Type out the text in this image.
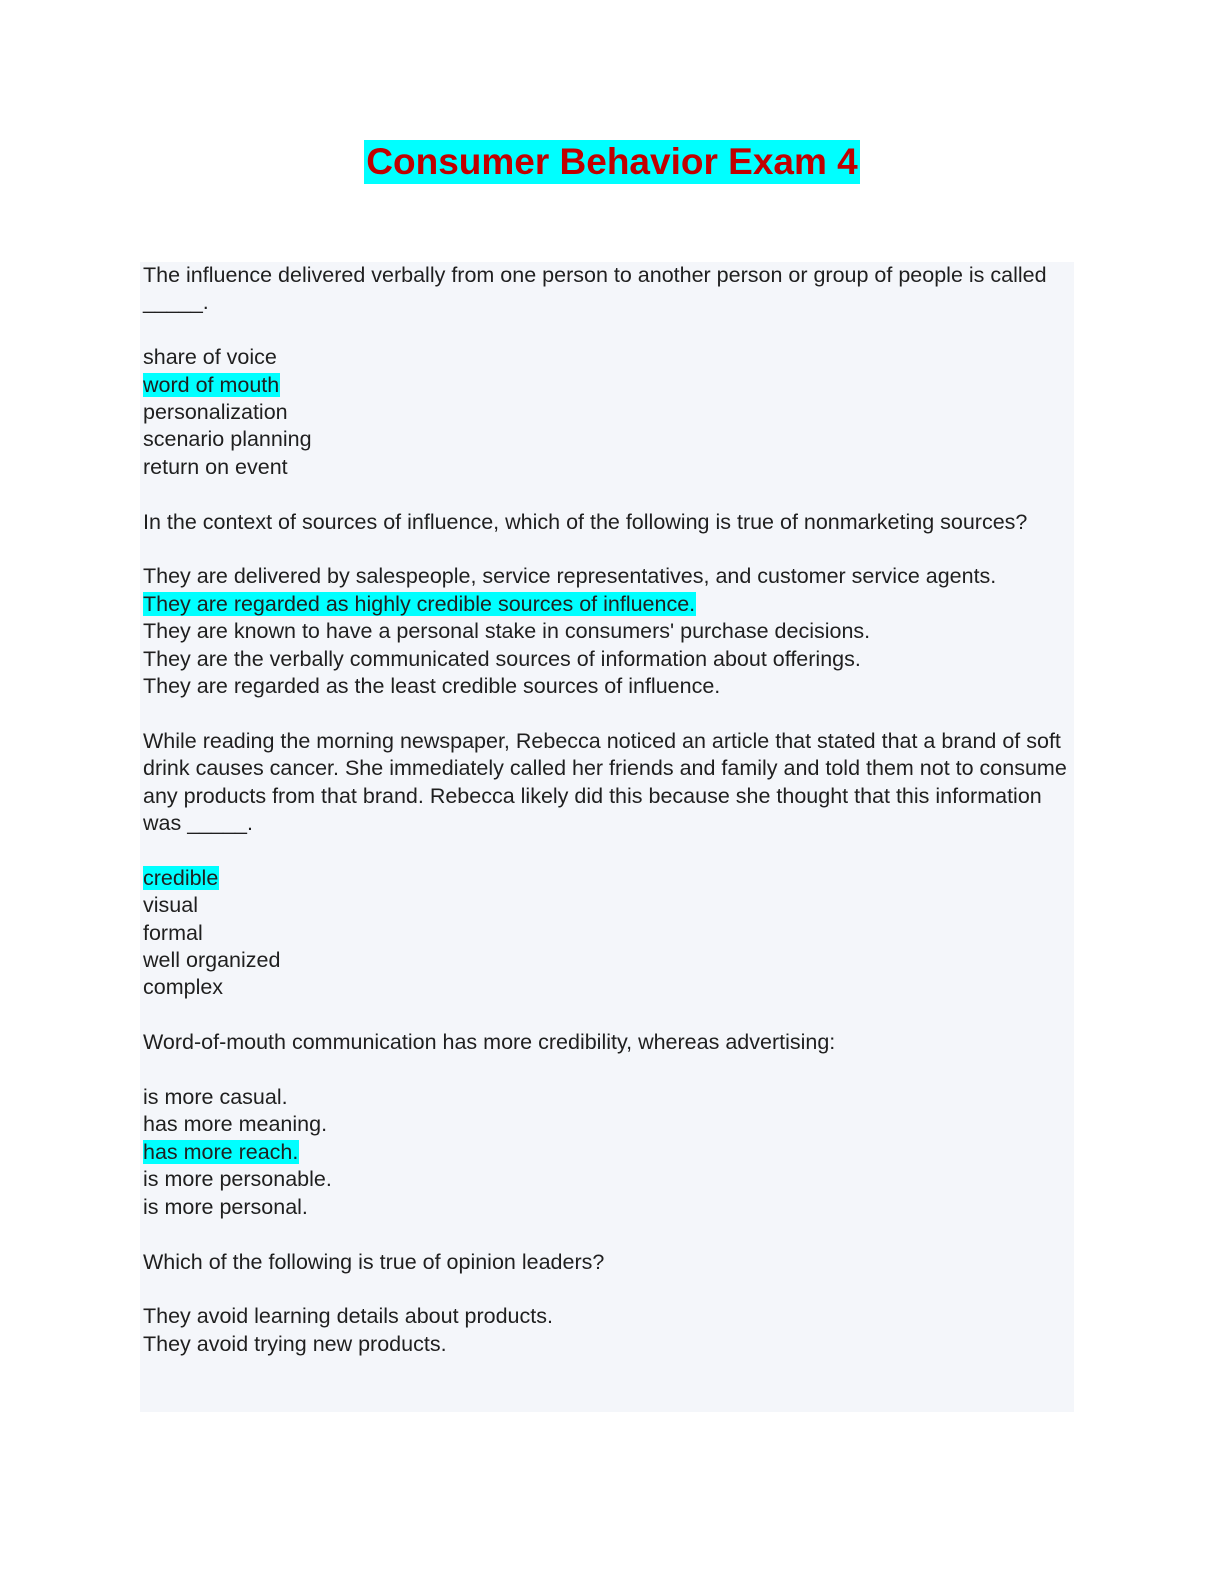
Consumer Behavior Exam 4
The influence delivered verbally from one person to another person or group of people is called _____.
share of voice
word of mouth
personalization
scenario planning
return on event
In the context of sources of influence, which of the following is true of nonmarketing sources?
They are delivered by salespeople, service representatives, and customer service agents.
They are regarded as highly credible sources of influence.
They are known to have a personal stake in consumers' purchase decisions.
They are the verbally communicated sources of information about offerings.
They are regarded as the least credible sources of influence.
While reading the morning newspaper, Rebecca noticed an article that stated that a brand of soft drink causes cancer. She immediately called her friends and family and told them not to consume any products from that brand. Rebecca likely did this because she thought that this information was _____.
credible
visual
formal
well organized
complex
Word-of-mouth communication has more credibility, whereas advertising:
is more casual.
has more meaning.
has more reach.
is more personable.
is more personal.
Which of the following is true of opinion leaders?
They avoid learning details about products.
They avoid trying new products.
